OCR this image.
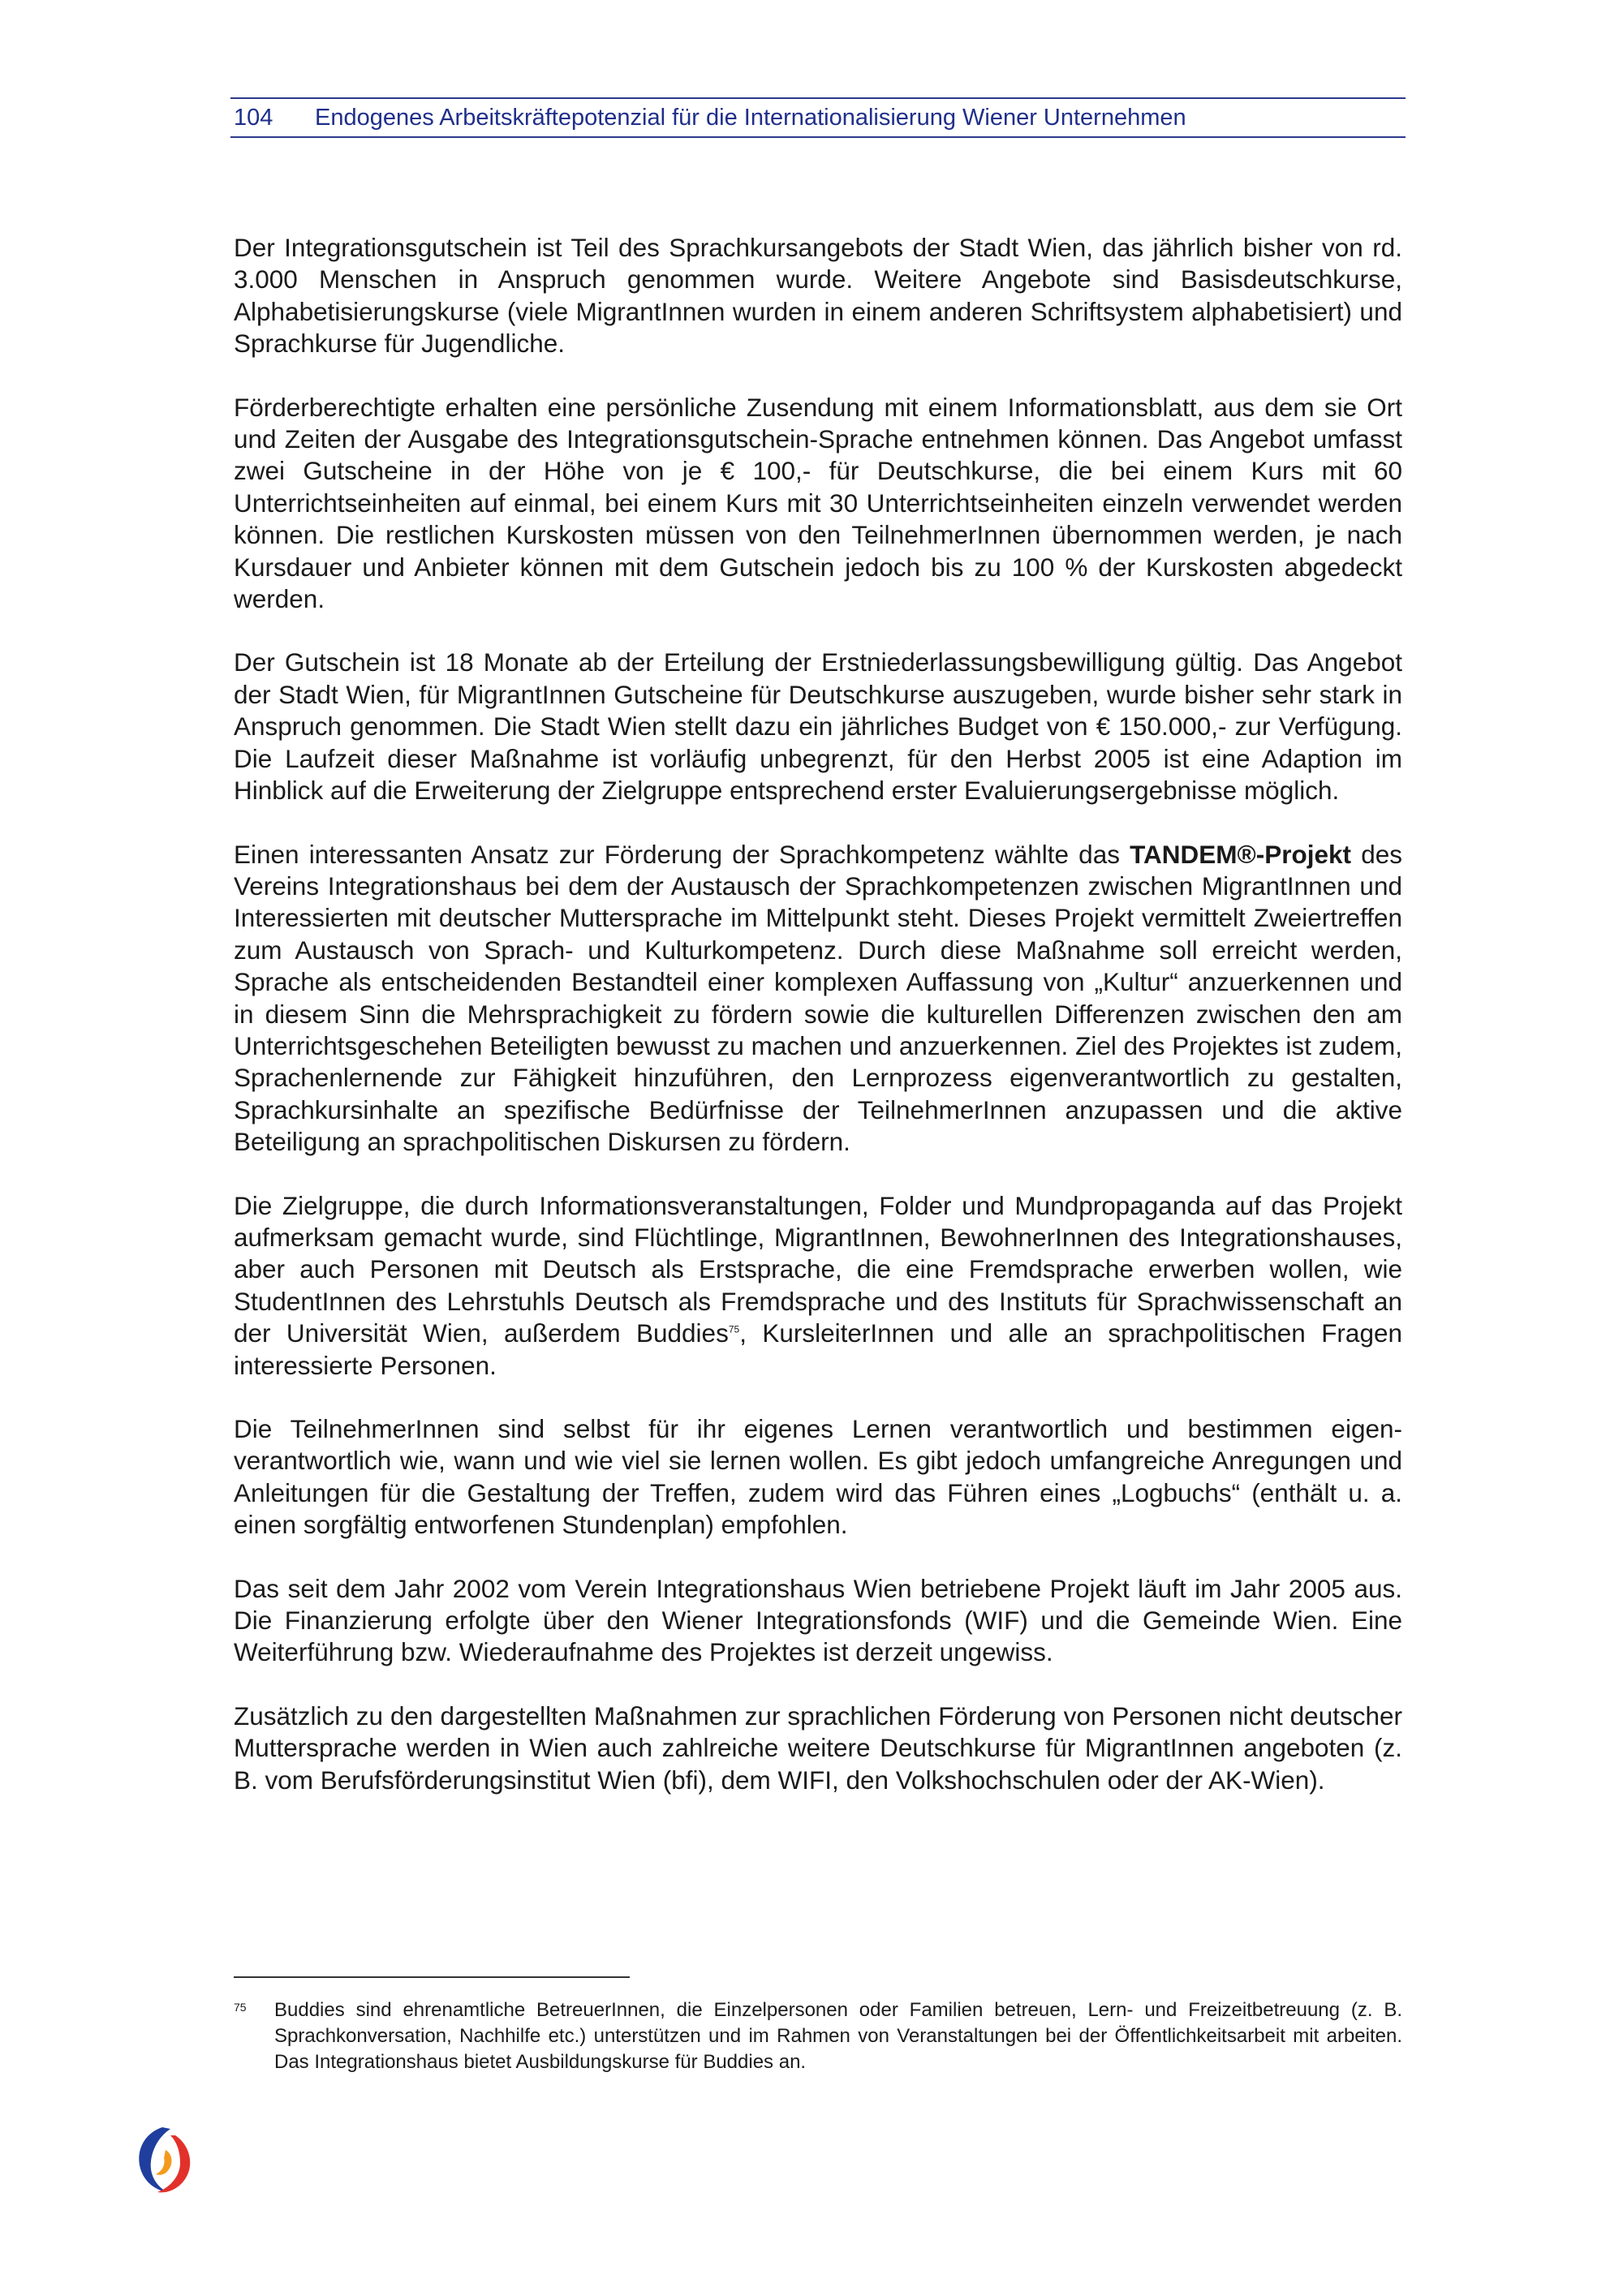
104 Endogenes Arbeitskräftepotenzial für die Internationalisierung Wiener Unternehmen

Der Integrationsgutschein ist Teil des Sprachkursangebots der Stadt Wien, das jährlich bisher von rd. 3.000 Menschen in Anspruch genommen wurde. Weitere Angebote sind Basisdeutschkurse, Alphabetisierungskurse (viele MigrantInnen wurden in einem anderen Schriftsystem alphabetisiert) und Sprachkurse für Jugendliche.

Förderberechtigte erhalten eine persönliche Zusendung mit einem Informationsblatt, aus dem sie Ort und Zeiten der Ausgabe des Integrationsgutschein-Sprache entnehmen können. Das Angebot umfasst zwei Gutscheine in der Höhe von je € 100,- für Deutschkurse, die bei einem Kurs mit 60 Unterrichtseinheiten auf einmal, bei einem Kurs mit 30 Unterrichtseinheiten einzeln verwendet werden können. Die restlichen Kurskosten müssen von den TeilnehmerInnen übernommen werden, je nach Kursdauer und Anbieter können mit dem Gutschein jedoch bis zu 100 % der Kurskosten abgedeckt werden.

Der Gutschein ist 18 Monate ab der Erteilung der Erstniederlassungsbewilligung gültig. Das Angebot der Stadt Wien, für MigrantInnen Gutscheine für Deutschkurse auszugeben, wurde bisher sehr stark in Anspruch genommen. Die Stadt Wien stellt dazu ein jährliches Budget von € 150.000,- zur Verfügung. Die Laufzeit dieser Maßnahme ist vorläufig unbegrenzt, für den Herbst 2005 ist eine Adaption im Hinblick auf die Erweiterung der Zielgruppe entsprechend erster Evaluierungsergebnisse möglich.

Einen interessanten Ansatz zur Förderung der Sprachkompetenz wählte das TANDEM®-Projekt des Vereins Integrationshaus bei dem der Austausch der Sprachkompetenzen zwischen MigrantInnen und Interessierten mit deutscher Muttersprache im Mittelpunkt steht. Dieses Projekt vermittelt Zweiertreffen zum Austausch von Sprach- und Kulturkompetenz. Durch diese Maßnahme soll erreicht werden, Sprache als entscheidenden Bestandteil einer komplexen Auffassung von „Kultur“ anzuerkennen und in diesem Sinn die Mehrsprachigkeit zu fördern sowie die kulturellen Differenzen zwischen den am Unterrichtsgeschehen Beteiligten bewusst zu machen und anzuerkennen. Ziel des Projektes ist zudem, Sprachenlernende zur Fähigkeit hinzuführen, den Lernprozess eigenverantwortlich zu gestalten, Sprachkursinhalte an spezifische Bedürfnisse der TeilnehmerInnen anzupassen und die aktive Beteiligung an sprachpolitischen Diskursen zu fördern.

Die Zielgruppe, die durch Informationsveranstaltungen, Folder und Mundpropaganda auf das Projekt aufmerksam gemacht wurde, sind Flüchtlinge, MigrantInnen, BewohnerInnen des Integrationshauses, aber auch Personen mit Deutsch als Erstsprache, die eine Fremdsprache erwerben wollen, wie StudentInnen des Lehrstuhls Deutsch als Fremdsprache und des Instituts für Sprachwissenschaft an der Universität Wien, außerdem Buddies$^{75}$, KursleiterInnen und alle an sprachpolitischen Fragen interessierte Personen.

Die TeilnehmerInnen sind selbst für ihr eigenes Lernen verantwortlich und bestimmen eigenverantwortlich wie, wann und wie viel sie lernen wollen. Es gibt jedoch umfangreiche Anregungen und Anleitungen für die Gestaltung der Treffen, zudem wird das Führen eines „Logbuchs“ (enthält u. a. einen sorgfältig entworfenen Stundenplan) empfohlen.

Das seit dem Jahr 2002 vom Verein Integrationshaus Wien betriebene Projekt läuft im Jahr 2005 aus. Die Finanzierung erfolgte über den Wiener Integrationsfonds (WIF) und die Gemeinde Wien. Eine Weiterführung bzw. Wiederaufnahme des Projektes ist derzeit ungewiss.

Zusätzlich zu den dargestellten Maßnahmen zur sprachlichen Förderung von Personen nicht deutscher Muttersprache werden in Wien auch zahlreiche weitere Deutschkurse für MigrantInnen angeboten (z. B. vom Berufsförderungsinstitut Wien (bfi), dem WIFI, den Volkshochschulen oder der AK-Wien).

75 Buddies sind ehrenamtliche BetreuerInnen, die Einzelpersonen oder Familien betreuen, Lern- und Freizeitbetreuung (z. B. Sprachkonversation, Nachhilfe etc.) unterstützen und im Rahmen von Veranstaltungen bei der Öffentlichkeitsarbeit mit arbeiten. Das Integrationshaus bietet Ausbildungskurse für Buddies an.
